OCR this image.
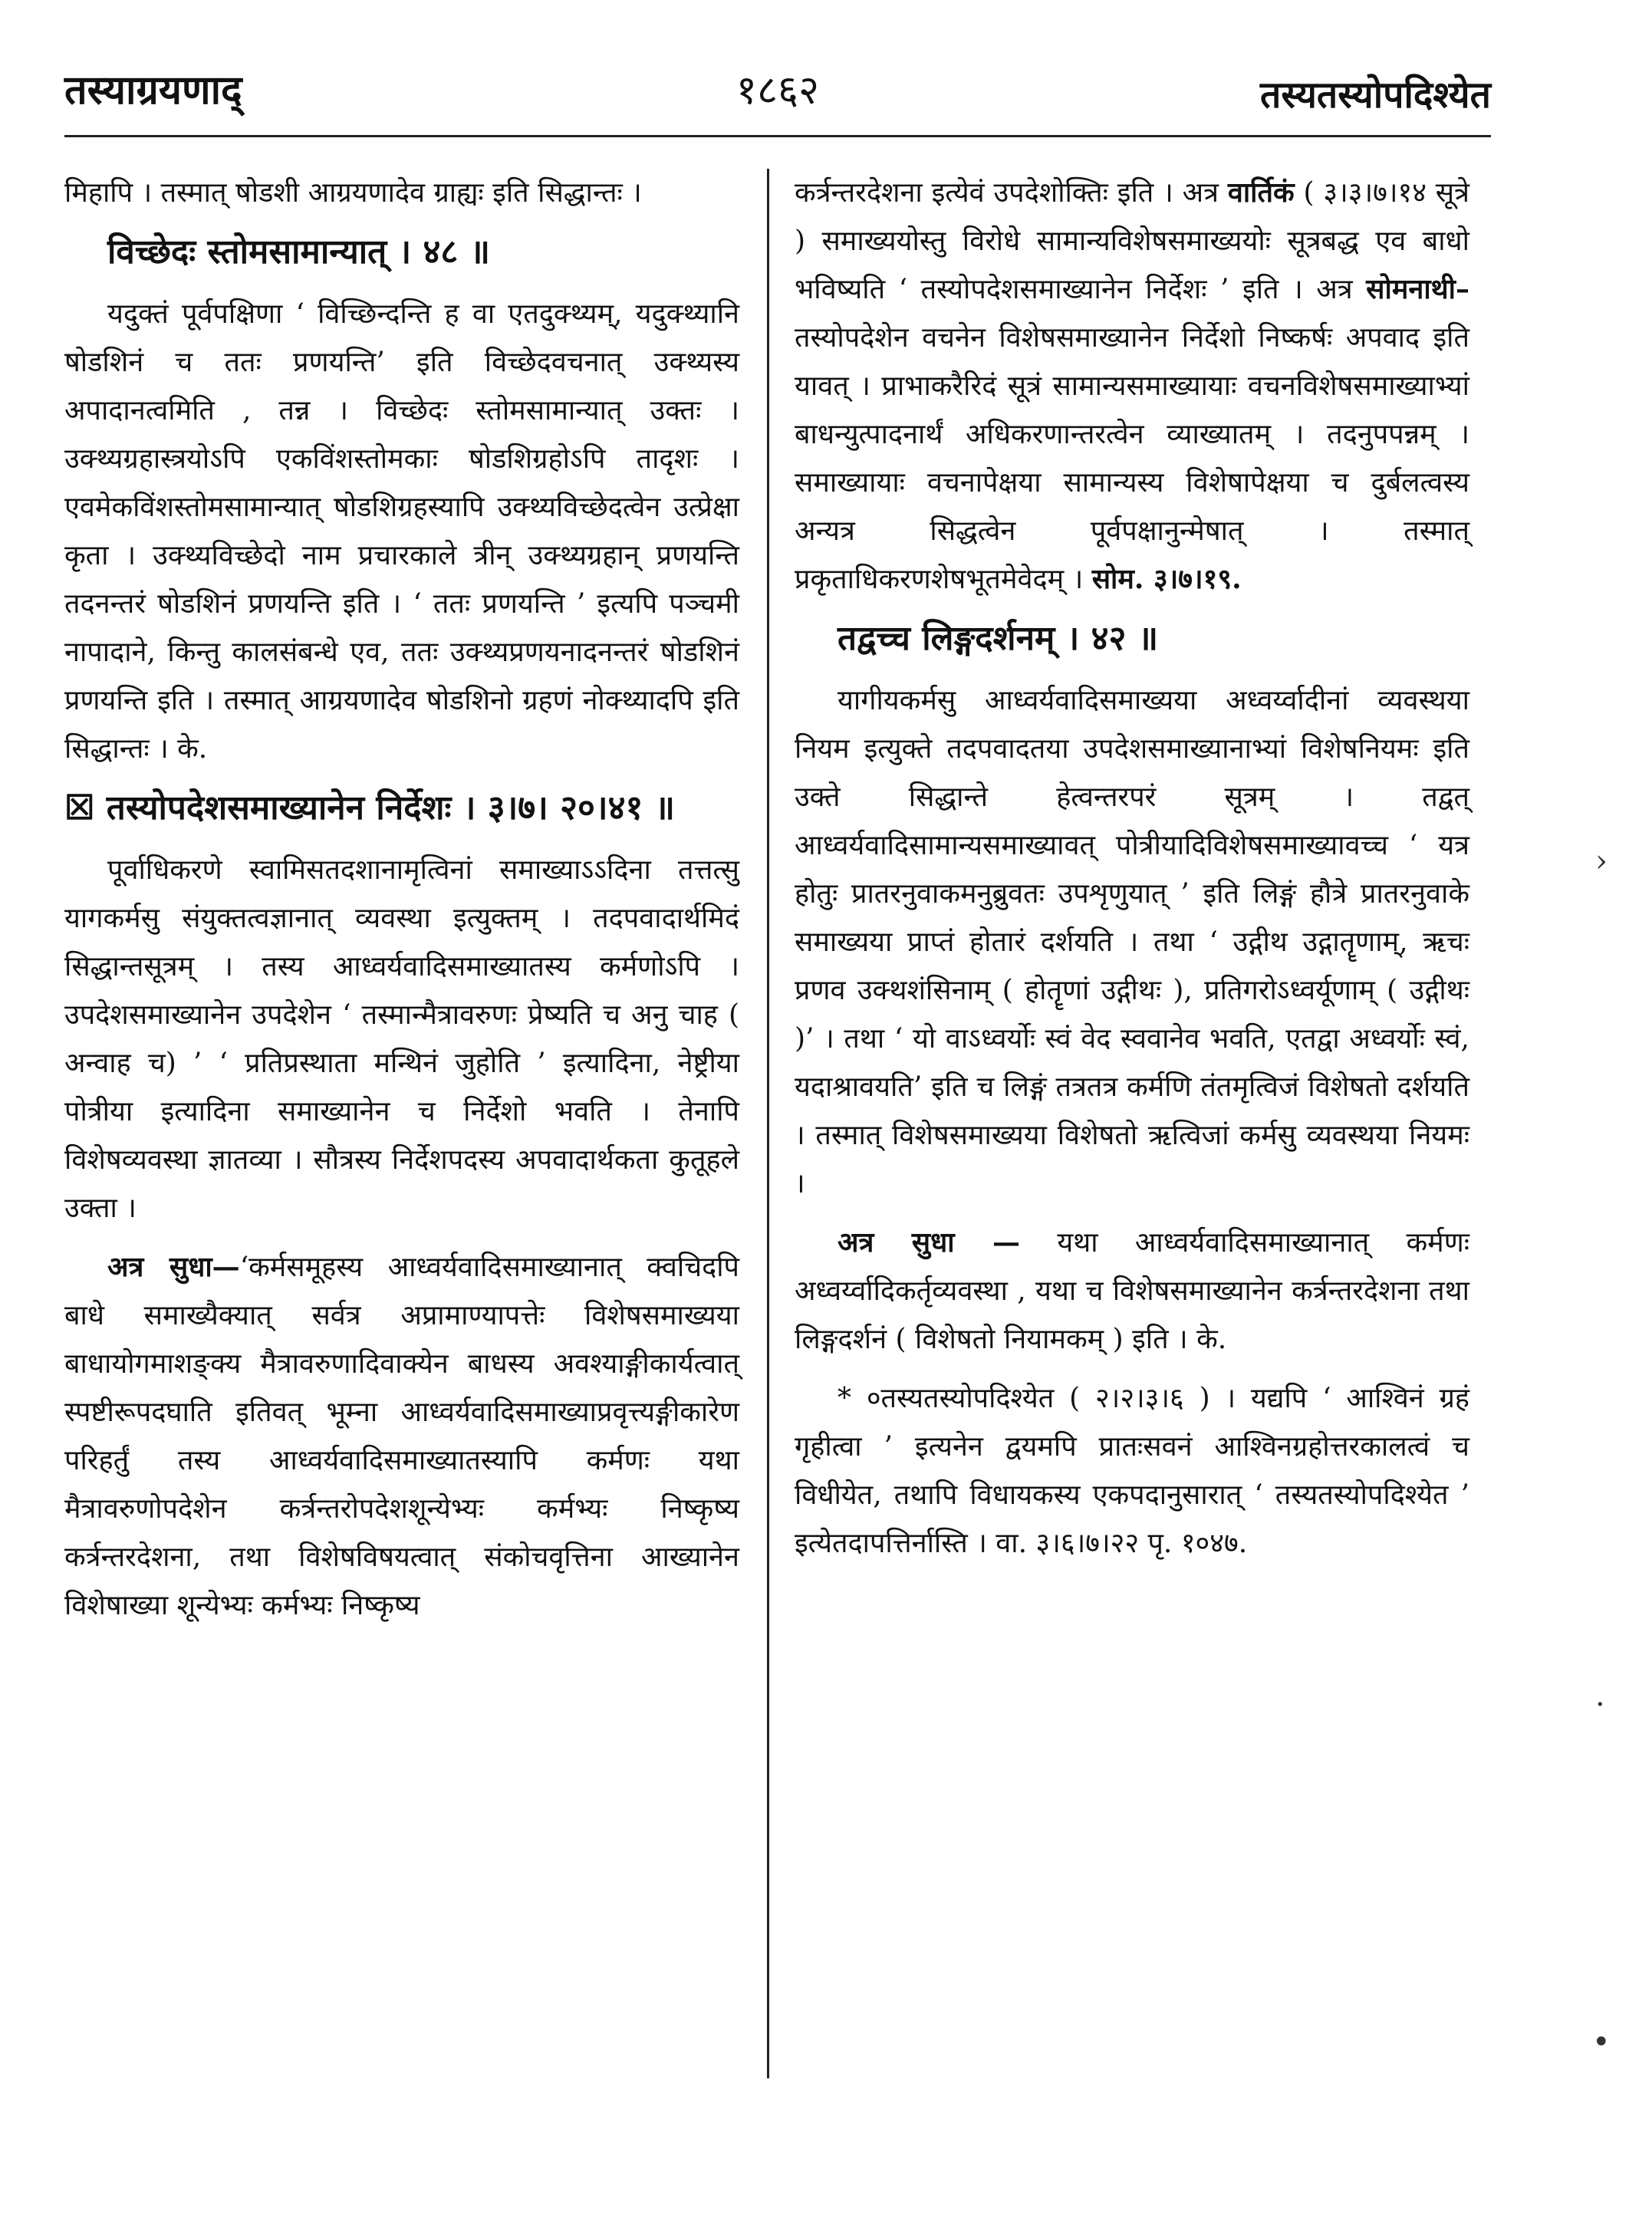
तस्याग्रयणाद्	१८६२	तस्यतस्योपदिश्येत

मिहापि । तस्मात् षोडशी आग्रयणादेव ग्राह्यः इति सिद्धान्तः ।

विच्छेदः स्तोमसामान्यात् । ४८ ॥

यदुक्तं पूर्वपक्षिणा ‘ विच्छिन्दन्ति ह वा एतदुक्थ्यम्, यदुक्थ्यानि षोडशिनं च ततः प्रणयन्ति’ इति विच्छेदवचनात् उक्थ्यस्य अपादानत्वमिति , तन्न । विच्छेदः स्तोमसामान्यात् उक्तः । उक्थ्यग्रहास्त्रयोऽपि एकविंशस्तोमकाः षोडशिग्रहोऽपि तादृशः । एवमेकविंशस्तोमसामान्यात् षोडशिग्रहस्यापि उक्थ्यविच्छेदत्वेन उत्प्रेक्षा कृता । उक्थ्यविच्छेदो नाम प्रचारकाले त्रीन् उक्थ्यग्रहान् प्रणयन्ति तदनन्तरं षोडशिनं प्रणयन्ति इति । ‘ ततः प्रणयन्ति ’ इत्यपि पञ्चमी नापादाने, किन्तु कालसंबन्धे एव, ततः उक्थ्यप्रणयनादनन्तरं षोडशिनं प्रणयन्ति इति । तस्मात् आग्रयणादेव षोडशिनो ग्रहणं नोक्थ्यादपि इति सिद्धान्तः । के.

☒ तस्योपदेशसमाख्यानेन निर्देशः । ३।७। २०।४१ ॥

पूर्वाधिकरणे स्वामिसतदशानामृत्विनां समाख्याऽऽदिना तत्तत्सु यागकर्मसु संयुक्तत्वज्ञानात् व्यवस्था इत्युक्तम् । तदपवादार्थमिदं सिद्धान्तसूत्रम् । तस्य आध्वर्यवादिसमाख्यातस्य कर्मणोऽपि । उपदेशसमाख्यानेन उपदेशेन ‘ तस्मान्मैत्रावरुणः प्रेष्यति च अनु चाह ( अन्वाह च) ’ ‘ प्रतिप्रस्थाता मन्थिनं जुहोति ’ इत्यादिना, नेष्ट्रीया पोत्रीया इत्यादिना समाख्यानेन च निर्देशो भवति । तेनापि विशेषव्यवस्था ज्ञातव्या । सौत्रस्य निर्देशपदस्य अपवादार्थकता कुतूहले उक्ता ।

अत्र सुधा—‘कर्मसमूहस्य आध्वर्यवादिसमाख्यानात् क्वचिदपि बाधे समाख्यैक्यात् सर्वत्र अप्रामाण्यापत्तेः विशेषसमाख्यया बाधायोगमाशङ्क्य मैत्रावरुणादिवाक्येन बाधस्य अवश्याङ्गीकार्यत्वात् स्पष्टीरूपदघाति इतिवत् भूम्ना आध्वर्यवादिसमाख्याप्रवृत्त्यङ्गीकारेण परिहर्तुं तस्य आध्वर्यवादिसमाख्यातस्यापि कर्मणः यथा मैत्रावरुणोपदेशेन कर्त्रन्तरोपदेशशून्येभ्यः कर्मभ्यः निष्कृष्य कर्त्रन्तरदेशना, तथा विशेषविषयत्वात् संकोचवृत्तिना आख्यानेन विशेषाख्या शून्येभ्यः कर्मभ्यः निष्कृष्य

कर्त्रन्तरदेशना इत्येवं उपदेशोक्तिः इति । अत्र वार्तिकं ( ३।३।७।१४ सूत्रे ) समाख्ययोस्तु विरोधे सामान्यविशेषसमाख्ययोः सूत्रबद्ध एव बाधो भविष्यति ‘ तस्योपदेशसमाख्यानेन निर्देशः ’ इति । अत्र सोमनाथी– तस्योपदेशेन वचनेन विशेषसमाख्यानेन निर्देशो निष्कर्षः अपवाद इति यावत् । प्राभाकरैरिदं सूत्रं सामान्यसमाख्यायाः वचनविशेषसमाख्याभ्यां बाधन्युत्पादनार्थं अधिकरणान्तरत्वेन व्याख्यातम् । तदनुपपन्नम् । समाख्यायाः वचनापेक्षया सामान्यस्य विशेषापेक्षया च दुर्बलत्वस्य अन्यत्र सिद्धत्वेन पूर्वपक्षानुन्मेषात् । तस्मात् प्रकृताधिकरणशेषभूतमेवेदम् । सोम. ३।७।१९.

तद्वच्च लिङ्गदर्शनम् । ४२ ॥

यागीयकर्मसु आध्वर्यवादिसमाख्यया अध्वर्य्वादीनां व्यवस्थया नियम इत्युक्ते तदपवादतया उपदेशसमाख्यानाभ्यां विशेषनियमः इति उक्ते सिद्धान्ते हेत्वन्तरपरं सूत्रम् । तद्वत् आध्वर्यवादिसामान्यसमाख्यावत् पोत्रीयादिविशेषसमाख्यावच्च ‘ यत्र होतुः प्रातरनुवाकमनुब्रुवतः उपशृणुयात् ’ इति लिङ्गं हौत्रे प्रातरनुवाके समाख्यया प्राप्तं होतारं दर्शयति । तथा ‘ उद्गीथ उद्गातॄणाम्, ऋचः प्रणव उक्थशंसिनाम् ( होतॄणां उद्गीथः ), प्रतिगरोऽध्वर्यूणाम् ( उद्गीथः )’ । तथा ‘ यो वाऽध्वर्योः स्वं वेद स्ववानेव भवति, एतद्वा अध्वर्योः स्वं, यदाश्रावयति’ इति च लिङ्गं तत्रतत्र कर्मणि तंतमृत्विजं विशेषतो दर्शयति । तस्मात् विशेषसमाख्यया विशेषतो ऋत्विजां कर्मसु व्यवस्थया नियमः ।

अत्र सुधा — यथा आध्वर्यवादिसमाख्यानात् कर्मणः अध्वर्य्वादिकर्तृव्यवस्था , यथा च विशेषसमाख्यानेन कर्त्रन्तरदेशना तथा लिङ्गदर्शनं ( विशेषतो नियामकम् ) इति । के.

* ०तस्यतस्योपदिश्येत ( २।२।३।६ ) । यद्यपि ‘ आश्विनं ग्रहं गृहीत्वा ’ इत्यनेन द्वयमपि प्रातःसवनं आश्विनग्रहोत्तरकालत्वं च विधीयेत, तथापि विधायकस्य एकपदानुसारात् ‘ तस्यतस्योपदिश्येत ’ इत्येतदापत्तिर्नास्ति । वा. ३।६।७।२२ पृ. १०४७.

›
·
•
